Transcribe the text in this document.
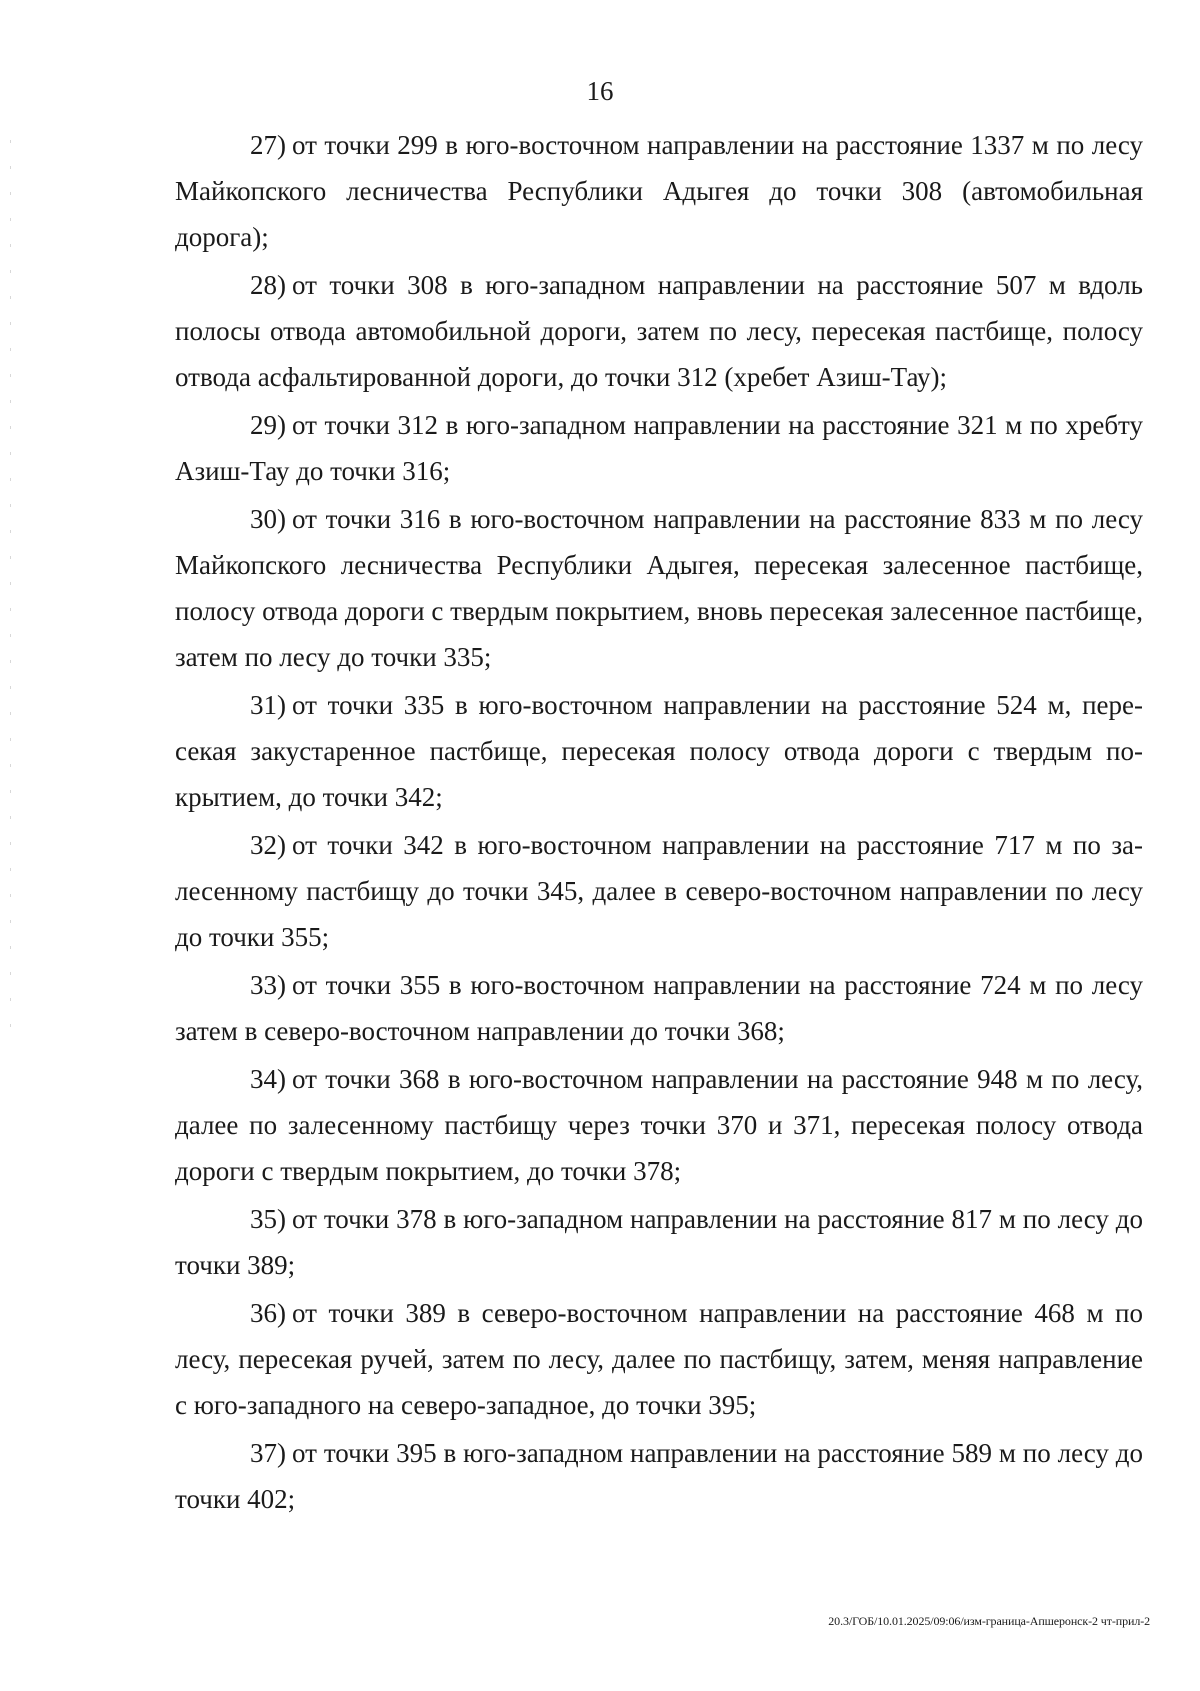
16

27) от точки 299 в юго-восточном направлении на расстояние 1337 м по лесу Майкопского лесничества Республики Адыгея до точки 308 (автомобильная дорога);

28) от точки 308 в юго-западном направлении на расстояние 507 м вдоль полосы отвода автомобильной дороги, затем по лесу, пересекая пастбище, полосу отвода асфальтированной дороги, до точки 312 (хребет Азиш-Тау);

29) от точки 312 в юго-западном направлении на расстояние 321 м по хребту Азиш-Тау до точки 316;

30) от точки 316 в юго-восточном направлении на расстояние 833 м по лесу Майкопского лесничества Республики Адыгея, пересекая залесенное пастбище, полосу отвода дороги с твердым покрытием, вновь пересекая залесенное пастбище, затем по лесу до точки 335;

31) от точки 335 в юго-восточном направлении на расстояние 524 м, пересекая закустаренное пастбище, пересекая полосу отвода дороги с твердым покрытием, до точки 342;

32) от точки 342 в юго-восточном направлении на расстояние 717 м по залесенному пастбищу до точки 345, далее в северо-восточном направлении по лесу до точки 355;

33) от точки 355 в юго-восточном направлении на расстояние 724 м по лесу затем в северо-восточном направлении до точки 368;

34) от точки 368 в юго-восточном направлении на расстояние 948 м по лесу, далее по залесенному пастбищу через точки 370 и 371, пересекая полосу отвода дороги с твердым покрытием, до точки 378;

35) от точки 378 в юго-западном направлении на расстояние 817 м по лесу до точки 389;

36) от точки 389 в северо-восточном направлении на расстояние 468 м по лесу, пересекая ручей, затем по лесу, далее по пастбищу, затем, меняя направление с юго-западного на северо-западное, до точки 395;

37) от точки 395 в юго-западном направлении на расстояние 589 м по лесу до точки 402;

20.3/ГОБ/10.01.2025/09:06/изм-граница-Апшеронск-2 чт-прил-2
